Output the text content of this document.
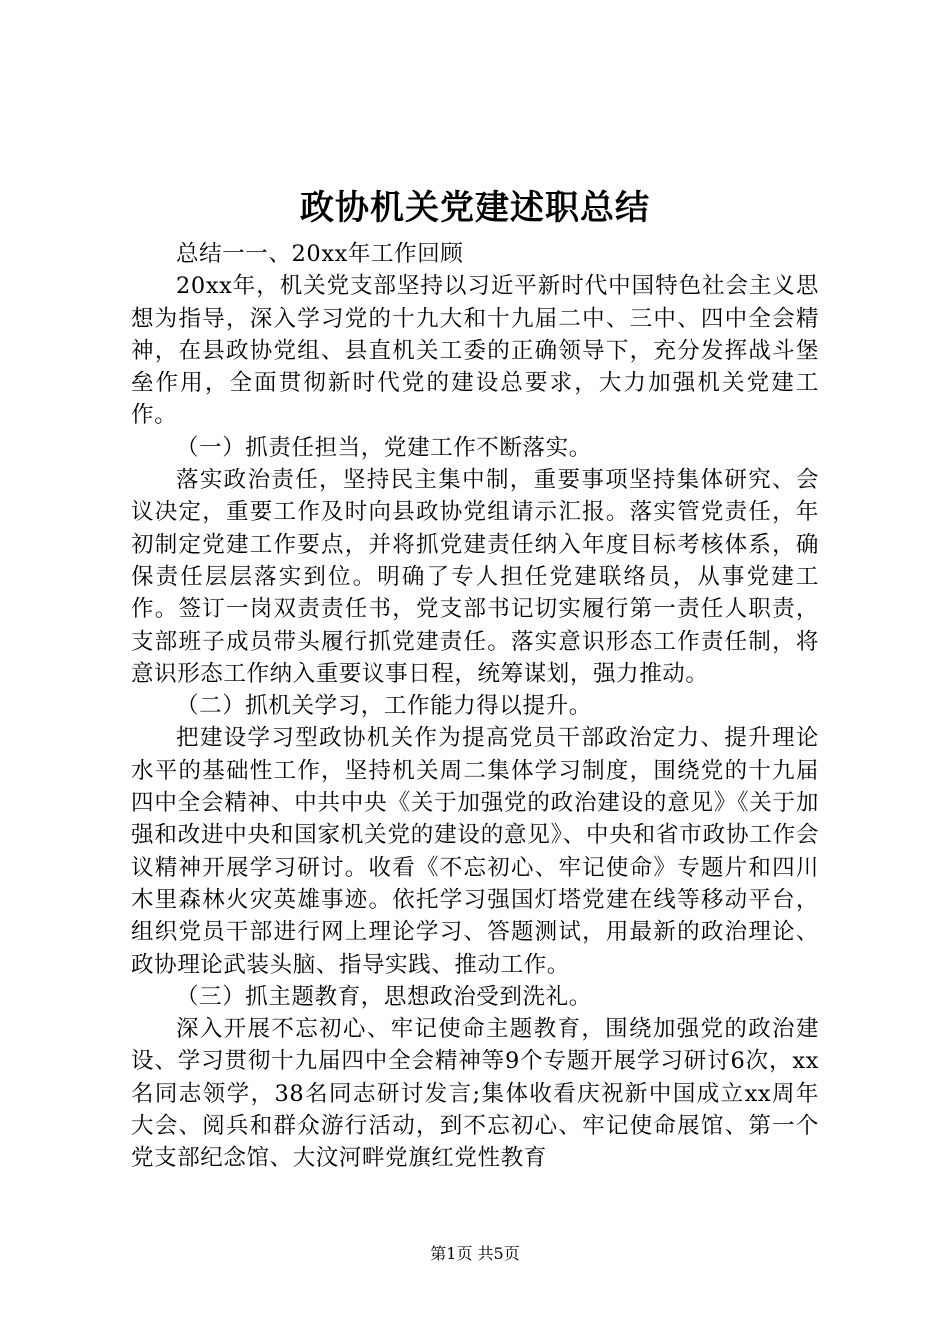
政协机关党建述职总结

总结一一、20xx年工作回顾

20xx年，机关党支部坚持以习近平新时代中国特色社会主义思想为指导，深入学习党的十九大和十九届二中、三中、四中全会精神，在县政协党组、县直机关工委的正确领导下，充分发挥战斗堡垒作用，全面贯彻新时代党的建设总要求，大力加强机关党建工作。

（一）抓责任担当，党建工作不断落实。

落实政治责任，坚持民主集中制，重要事项坚持集体研究、会议决定，重要工作及时向县政协党组请示汇报。落实管党责任，年初制定党建工作要点，并将抓党建责任纳入年度目标考核体系，确保责任层层落实到位。明确了专人担任党建联络员，从事党建工作。签订一岗双责责任书，党支部书记切实履行第一责任人职责，支部班子成员带头履行抓党建责任。落实意识形态工作责任制，将意识形态工作纳入重要议事日程，统筹谋划，强力推动。

（二）抓机关学习，工作能力得以提升。

把建设学习型政协机关作为提高党员干部政治定力、提升理论水平的基础性工作，坚持机关周二集体学习制度，围绕党的十九届四中全会精神、中共中央《关于加强党的政治建设的意见》《关于加强和改进中央和国家机关党的建设的意见》、中央和省市政协工作会议精神开展学习研讨。收看《不忘初心、牢记使命》专题片和四川木里森林火灾英雄事迹。依托学习强国灯塔党建在线等移动平台，组织党员干部进行网上理论学习、答题测试，用最新的政治理论、政协理论武装头脑、指导实践、推动工作。

（三）抓主题教育，思想政治受到洗礼。

深入开展不忘初心、牢记使命主题教育，围绕加强党的政治建设、学习贯彻十九届四中全会精神等9个专题开展学习研讨6次，xx名同志领学，38名同志研讨发言;集体收看庆祝新中国成立xx周年大会、阅兵和群众游行活动，到不忘初心、牢记使命展馆、第一个党支部纪念馆、大汶河畔党旗红党性教育

第1页 共5页
